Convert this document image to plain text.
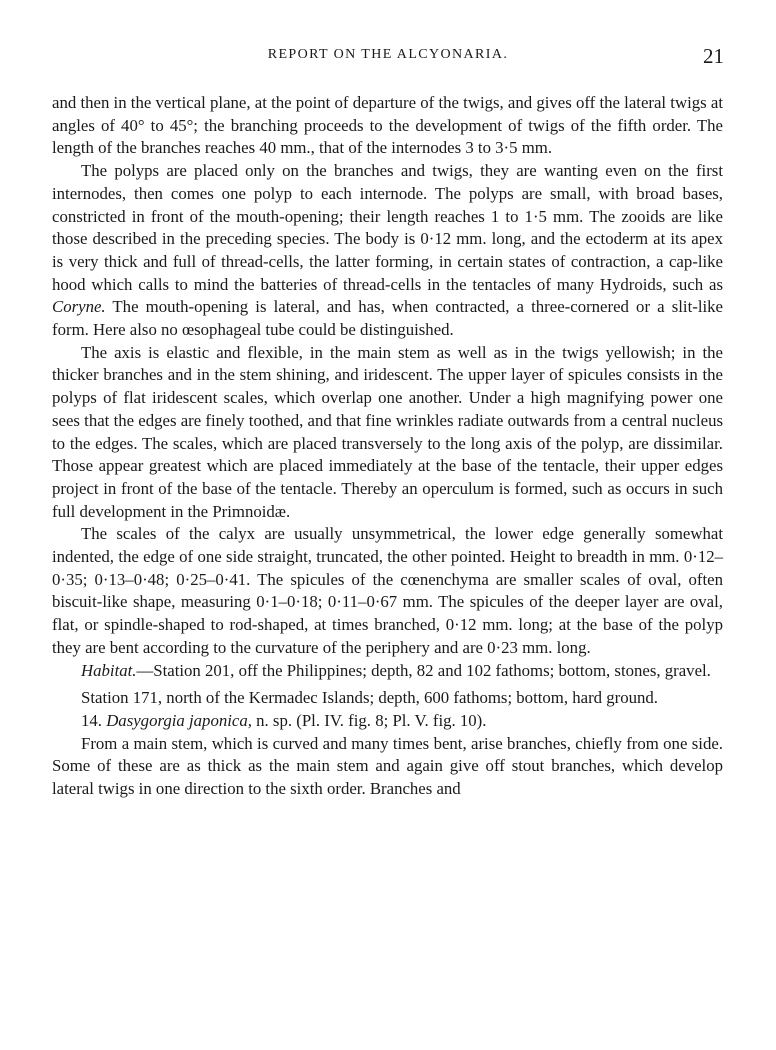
REPORT ON THE ALCYONARIA.	21

and then in the vertical plane, at the point of departure of the twigs, and gives off the lateral twigs at angles of 40° to 45°; the branching proceeds to the development of twigs of the fifth order. The length of the branches reaches 40 mm., that of the internodes 3 to 3·5 mm.

The polyps are placed only on the branches and twigs, they are wanting even on the first internodes, then comes one polyp to each internode. The polyps are small, with broad bases, constricted in front of the mouth-opening; their length reaches 1 to 1·5 mm. The zooids are like those described in the preceding species. The body is 0·12 mm. long, and the ectoderm at its apex is very thick and full of thread-cells, the latter forming, in certain states of contraction, a cap-like hood which calls to mind the batteries of thread-cells in the tentacles of many Hydroids, such as Coryne. The mouth-opening is lateral, and has, when contracted, a three-cornered or a slit-like form. Here also no œsophageal tube could be distinguished.

The axis is elastic and flexible, in the main stem as well as in the twigs yellowish; in the thicker branches and in the stem shining, and iridescent. The upper layer of spicules consists in the polyps of flat iridescent scales, which overlap one another. Under a high magnifying power one sees that the edges are finely toothed, and that fine wrinkles radiate outwards from a central nucleus to the edges. The scales, which are placed transversely to the long axis of the polyp, are dissimilar. Those appear greatest which are placed immediately at the base of the tentacle, their upper edges project in front of the base of the tentacle. Thereby an operculum is formed, such as occurs in such full development in the Primnoidæ.

The scales of the calyx are usually unsymmetrical, the lower edge generally somewhat indented, the edge of one side straight, truncated, the other pointed. Height to breadth in mm. 0·12–0·35; 0·13–0·48; 0·25–0·41. The spicules of the cœnenchyma are smaller scales of oval, often biscuit-like shape, measuring 0·1–0·18; 0·11–0·67 mm. The spicules of the deeper layer are oval, flat, or spindle-shaped to rod-shaped, at times branched, 0·12 mm. long; at the base of the polyp they are bent according to the curvature of the periphery and are 0·23 mm. long.

Habitat.—Station 201, off the Philippines; depth, 82 and 102 fathoms; bottom, stones, gravel.

Station 171, north of the Kermadec Islands; depth, 600 fathoms; bottom, hard ground.

14. Dasygorgia japonica, n. sp. (Pl. IV. fig. 8; Pl. V. fig. 10).

From a main stem, which is curved and many times bent, arise branches, chiefly from one side. Some of these are as thick as the main stem and again give off stout branches, which develop lateral twigs in one direction to the sixth order. Branches and
